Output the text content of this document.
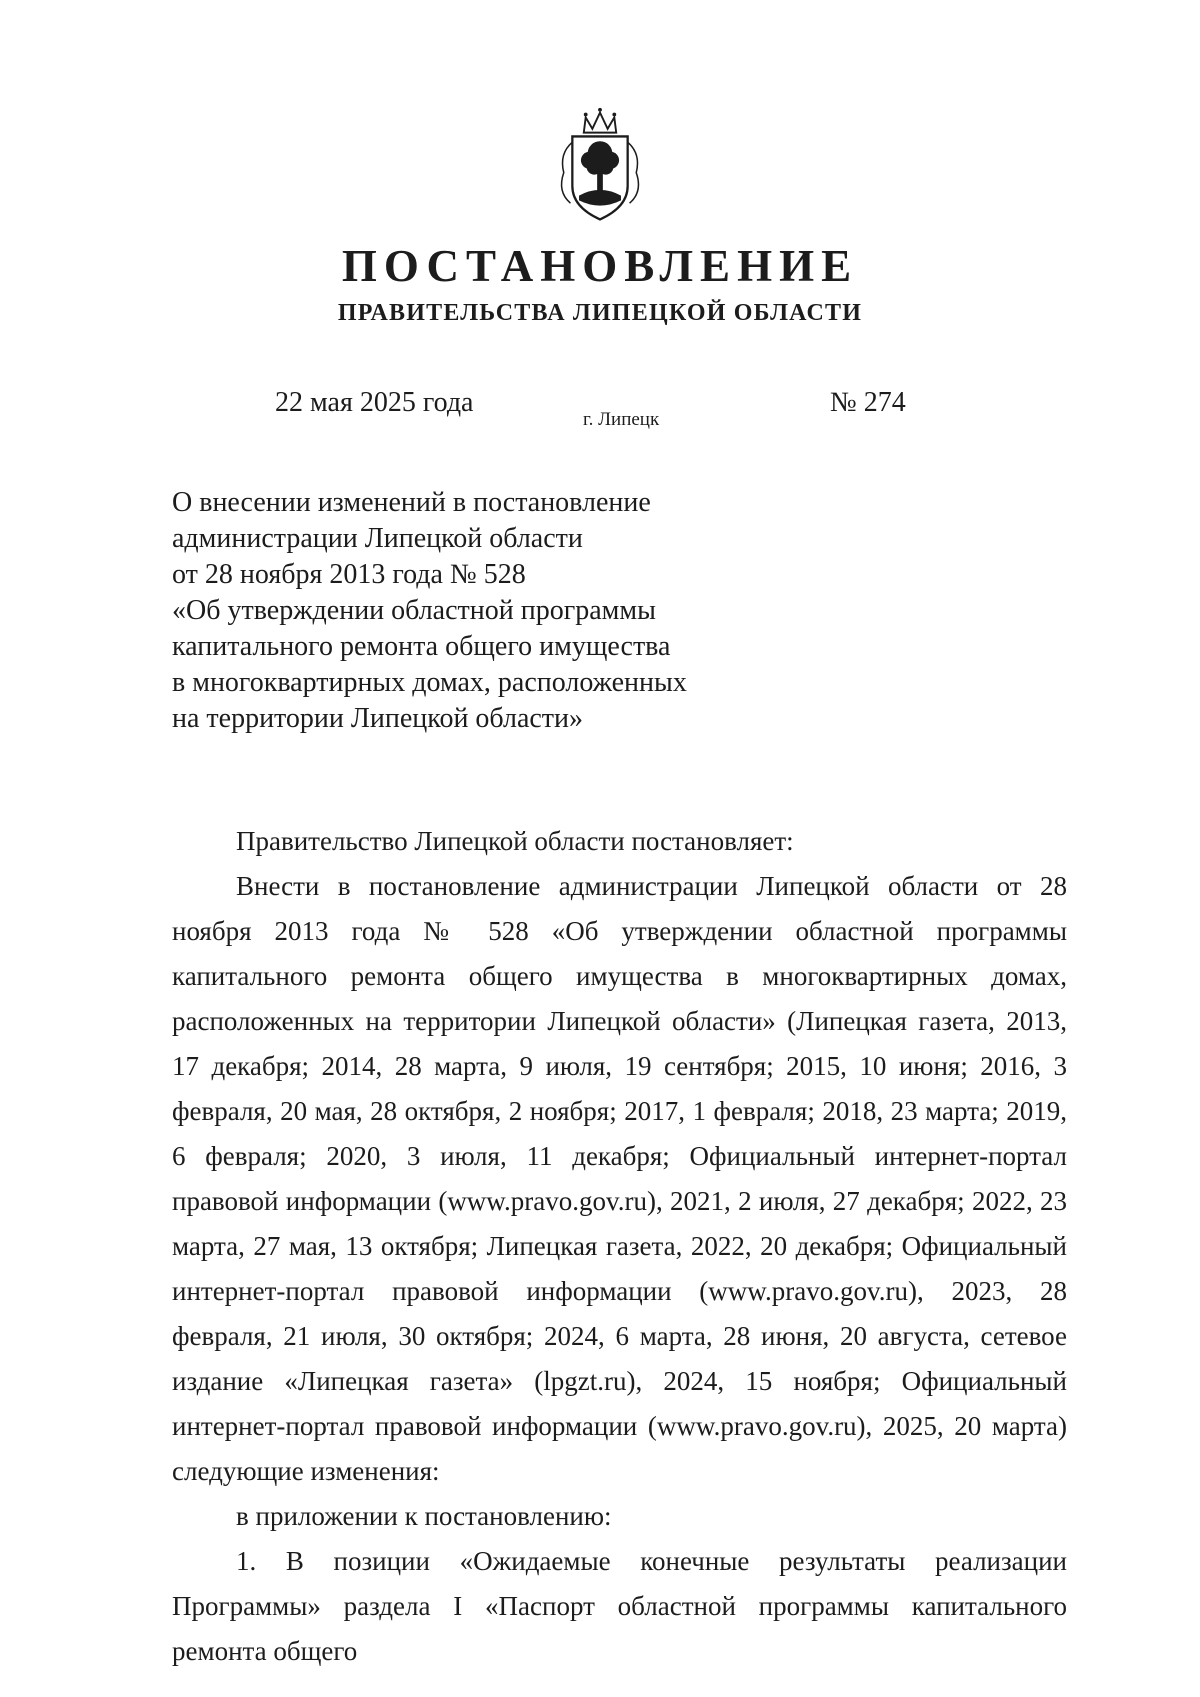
ПОСТАНОВЛЕНИЕ
ПРАВИТЕЛЬСТВА ЛИПЕЦКОЙ ОБЛАСТИ
22 мая 2025 года
г. Липецк
№ 274
О внесении изменений в постановление
администрации Липецкой области
от 28 ноября 2013 года № 528
«Об утверждении областной программы
капитального ремонта общего имущества
в многоквартирных домах, расположенных
на территории Липецкой области»
Правительство Липецкой области постановляет:
Внести в постановление администрации Липецкой области от 28 ноября 2013 года № 528 «Об утверждении областной программы капитального ремонта общего имущества в многоквартирных домах, расположенных на территории Липецкой области» (Липецкая газета, 2013, 17 декабря; 2014, 28 марта, 9 июля, 19 сентября; 2015, 10 июня; 2016, 3 февраля, 20 мая, 28 октября, 2 ноября; 2017, 1 февраля; 2018, 23 марта; 2019, 6 февраля; 2020, 3 июля, 11 декабря; Официальный интернет-портал правовой информации (www.pravo.gov.ru), 2021, 2 июля, 27 декабря; 2022, 23 марта, 27 мая, 13 октября; Липецкая газета, 2022, 20 декабря; Официальный интернет-портал правовой информации (www.pravo.gov.ru), 2023, 28 февраля, 21 июля, 30 октября; 2024, 6 марта, 28 июня, 20 августа, сетевое издание «Липецкая газета» (lpgzt.ru), 2024, 15 ноября; Официальный интернет-портал правовой информации (www.pravo.gov.ru), 2025, 20 марта) следующие изменения:
в приложении к постановлению:
1. В позиции «Ожидаемые конечные результаты реализации Программы» раздела I «Паспорт областной программы капитального ремонта общего
